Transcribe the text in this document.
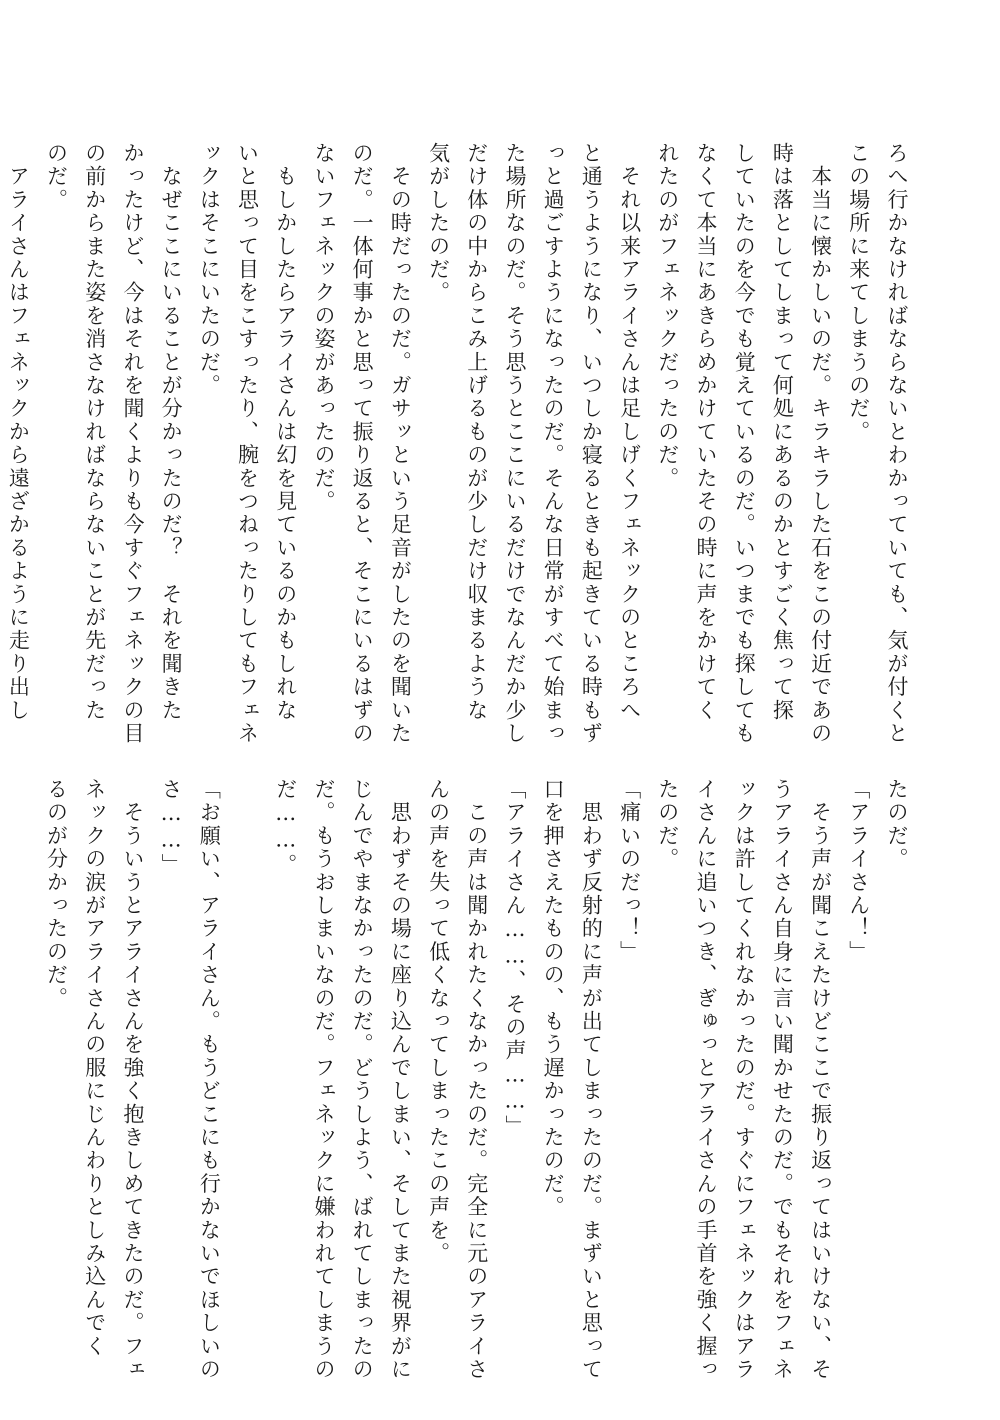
ろへ行かなければならないとわかっていても、気が付くと
この場所に来てしまうのだ。
　本当に懐かしいのだ。キラキラした石をこの付近であの
時は落としてしまって何処にあるのかとすごく焦って探
していたのを今でも覚えているのだ。いつまでも探しても
なくて本当にあきらめかけていたその時に声をかけてく
れたのがフェネックだったのだ。
　それ以来アライさんは足しげくフェネックのところへ
と通うようになり、いつしか寝るときも起きている時もず
っと過ごすようになったのだ。そんな日常がすべて始まっ
た場所なのだ。そう思うとここにいるだけでなんだか少し
だけ体の中からこみ上げるものが少しだけ収まるような
気がしたのだ。
　その時だったのだ。ガサッという足音がしたのを聞いた
のだ。一体何事かと思って振り返ると、そこにいるはずの
ないフェネックの姿があったのだ。
　もしかしたらアライさんは幻を見ているのかもしれな
いと思って目をこすったり、腕をつねったりしてもフェネ
ックはそこにいたのだ。
　なぜここにいることが分かったのだ？　それを聞きた
かったけど、今はそれを聞くよりも今すぐフェネックの目
の前からまた姿を消さなければならないことが先だった
のだ。
　アライさんはフェネックから遠ざかるように走り出し
たのだ。
「アライさん！」
　そう声が聞こえたけどここで振り返ってはいけない、そ
うアライさん自身に言い聞かせたのだ。でもそれをフェネ
ックは許してくれなかったのだ。すぐにフェネックはアラ
イさんに追いつき、ぎゅっとアライさんの手首を強く握っ
たのだ。
「痛いのだっ！」
　思わず反射的に声が出てしまったのだ。まずいと思って
口を押さえたものの、もう遅かったのだ。
「アライさん……、その声……」
　この声は聞かれたくなかったのだ。完全に元のアライさ
んの声を失って低くなってしまったこの声を。
　思わずその場に座り込んでしまい、そしてまた視界がに
じんでやまなかったのだ。どうしよう、ばれてしまったの
だ。もうおしまいなのだ。フェネックに嫌われてしまうの
だ……。
「お願い、アライさん。もうどこにも行かないでほしいの
さ……」
　そういうとアライさんを強く抱きしめてきたのだ。フェ
ネックの涙がアライさんの服にじんわりとしみ込んでく
るのが分かったのだ。
